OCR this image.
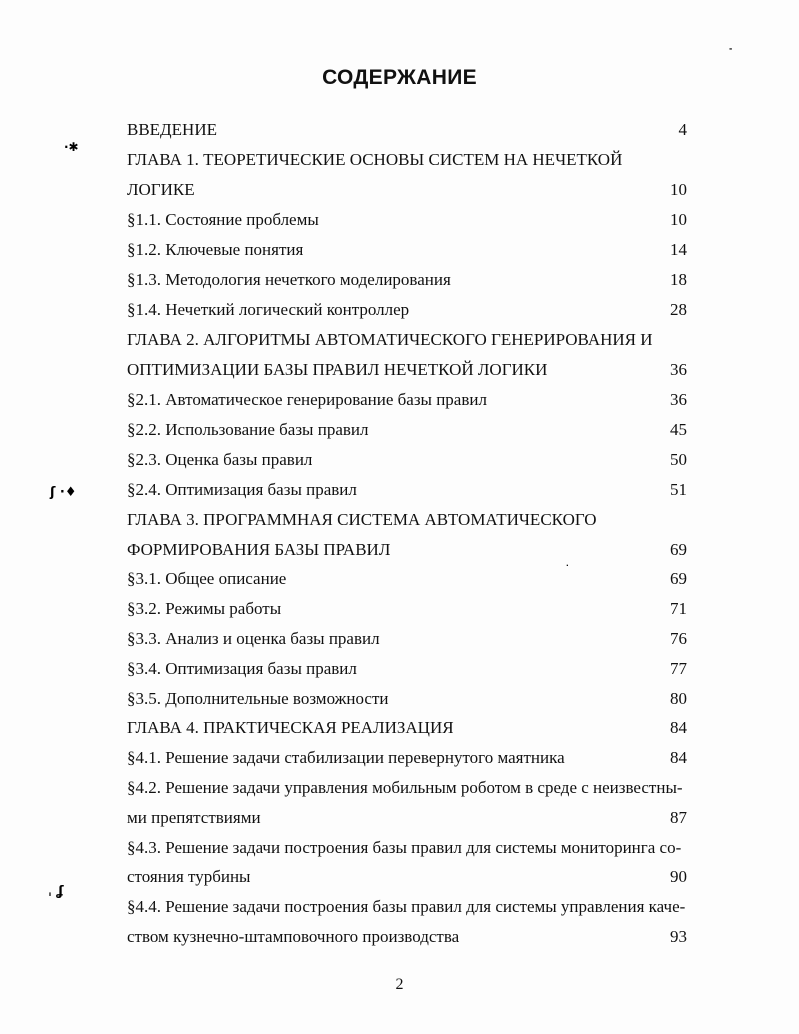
СОДЕРЖАНИЕ
ВВЕДЕНИЕ	4
ГЛАВА 1. ТЕОРЕТИЧЕСКИЕ ОСНОВЫ СИСТЕМ НА НЕЧЕТКОЙ
ЛОГИКЕ	10
§1.1. Состояние проблемы	10
§1.2. Ключевые понятия	14
§1.3. Методология нечеткого моделирования	18
§1.4. Нечеткий логический контроллер	28
ГЛАВА 2. АЛГОРИТМЫ АВТОМАТИЧЕСКОГО ГЕНЕРИРОВАНИЯ И
ОПТИМИЗАЦИИ БАЗЫ ПРАВИЛ НЕЧЕТКОЙ ЛОГИКИ	36
§2.1. Автоматическое генерирование базы правил	36
§2.2. Использование базы правил	45
§2.3. Оценка базы правил	50
§2.4. Оптимизация базы правил	51
ГЛАВА 3. ПРОГРАММНАЯ СИСТЕМА АВТОМАТИЧЕСКОГО
ФОРМИРОВАНИЯ БАЗЫ ПРАВИЛ	69
§3.1. Общее описание	69
§3.2. Режимы работы	71
§3.3. Анализ и оценка базы правил	76
§3.4. Оптимизация базы правил	77
§3.5. Дополнительные возможности	80
ГЛАВА 4. ПРАКТИЧЕСКАЯ РЕАЛИЗАЦИЯ	84
§4.1. Решение задачи стабилизации перевернутого маятника	84
§4.2. Решение задачи управления мобильным роботом в среде с неизвестны-
ми препятствиями	87
§4.3. Решение задачи построения базы правил для системы мониторинга со-
стояния турбины	90
§4.4. Решение задачи построения базы правил для системы управления каче-
ством кузнечно-штамповочного производства	93
2
·✱
ʃ ·♦
ˌ ʆ
-
·
